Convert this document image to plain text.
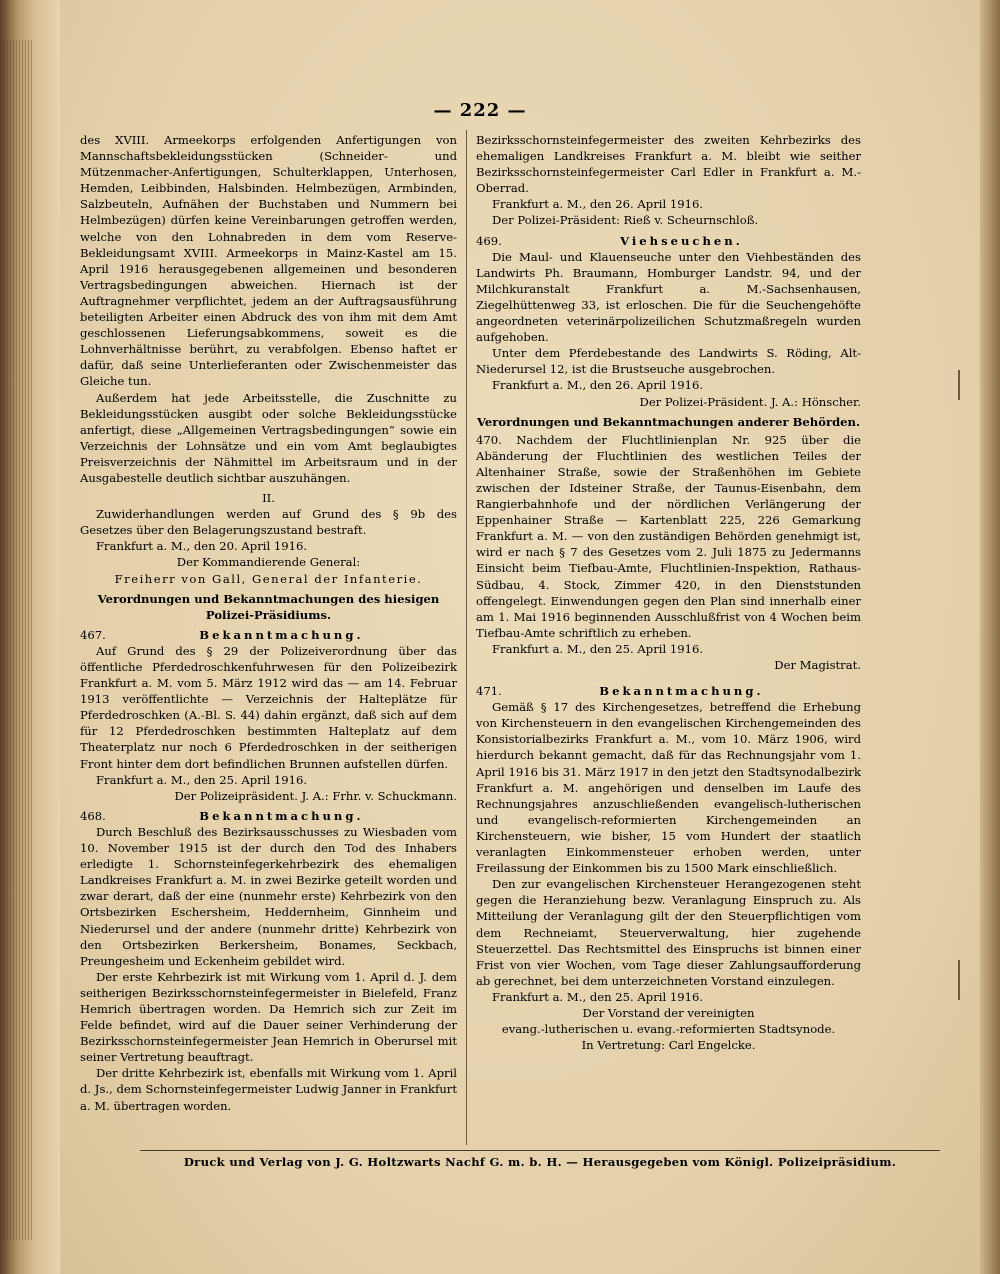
— 222 —

des XVIII. Armeekorps erfolgenden Anfertigungen von Mannschaftsbekleidungsstücken (Schneider- und Mützenmacher-Anfertigungen, Schulterklappen, Unterhosen, Hemden, Leibbinden, Halsbinden. Helmbezügen, Armbinden, Salzbeuteln, Aufnähen der Buchstaben und Nummern bei Helmbezügen) dürfen keine Vereinbarungen getroffen werden, welche von den Lohnabreden in dem vom Reserve-Bekleidungsamt XVIII. Armeekorps in Mainz-Kastel am 15. April 1916 herausgegebenen allgemeinen und besonderen Vertragsbedingungen abweichen. Hiernach ist der Auftragnehmer verpflichtet, jedem an der Auftragsausführung beteiligten Arbeiter einen Abdruck des von ihm mit dem Amt geschlossenen Lieferungsabkommens, soweit es die Lohnverhältnisse berührt, zu verabfolgen. Ebenso haftet er dafür, daß seine Unterlieferanten oder Zwischenmeister das Gleiche tun.

Außerdem hat jede Arbeitsstelle, die Zuschnitte zu Bekleidungsstücken ausgibt oder solche Bekleidungsstücke anfertigt, diese „Allgemeinen Vertragsbedingungen“ sowie ein Verzeichnis der Lohnsätze und ein vom Amt beglaubigtes Preisverzeichnis der Nähmittel im Arbeitsraum und in der Ausgabestelle deutlich sichtbar auszuhängen.

II.

Zuwiderhandlungen werden auf Grund des § 9b des Gesetzes über den Belagerungszustand bestraft.

Frankfurt a. M., den 20. April 1916.

Der Kommandierende General:

Freiherr von Gall, General der Infanterie.

Verordnungen und Bekanntmachungen des hiesigen Polizei-Präsidiums.

467.	Bekanntmachung.

Auf Grund des § 29 der Polizeiverordnung über das öffentliche Pferdedroschkenfuhrwesen für den Polizeibezirk Frankfurt a. M. vom 5. März 1912 wird das — am 14. Februar 1913 veröffentlichte — Verzeichnis der Halteplätze für Pferdedroschken (A.-Bl. S. 44) dahin ergänzt, daß sich auf dem für 12 Pferdedroschken bestimmten Halteplatz auf dem Theaterplatz nur noch 6 Pferdedroschken in der seitherigen Front hinter dem dort befindlichen Brunnen aufstellen dürfen.

Frankfurt a. M., den 25. April 1916.

Der Polizeipräsident. J. A.: Frhr. v. Schuckmann.

468.	Bekanntmachung.

Durch Beschluß des Bezirksausschusses zu Wiesbaden vom 10. November 1915 ist der durch den Tod des Inhabers erledigte 1. Schornsteinfegerkehrbezirk des ehemaligen Landkreises Frankfurt a. M. in zwei Bezirke geteilt worden und zwar derart, daß der eine (nunmehr erste) Kehrbezirk von den Ortsbezirken Eschersheim, Heddernheim, Ginnheim und Niederursel und der andere (nunmehr dritte) Kehrbezirk von den Ortsbezirken Berkersheim, Bonames, Seckbach, Preungesheim und Eckenheim gebildet wird.

Der erste Kehrbezirk ist mit Wirkung vom 1. April d. J. dem seitherigen Bezirksschornsteinfegermeister in Bielefeld, Franz Hemrich übertragen worden. Da Hemrich sich zur Zeit im Felde befindet, wird auf die Dauer seiner Verhinderung der Bezirksschornsteinfegermeister Jean Hemrich in Oberursel mit seiner Vertretung beauftragt.

Der dritte Kehrbezirk ist, ebenfalls mit Wirkung vom 1. April d. Js., dem Schornsteinfegermeister Ludwig Janner in Frankfurt a. M. übertragen worden.

Bezirksschornsteinfegermeister des zweiten Kehrbezirks des ehemaligen Landkreises Frankfurt a. M. bleibt wie seither Bezirksschornsteinfegermeister Carl Edler in Frankfurt a. M.-Oberrad.

Frankfurt a. M., den 26. April 1916.

Der Polizei-Präsident: Rieß v. Scheurnschloß.

469.	Viehseuchen.

Die Maul- und Klauenseuche unter den Viehbeständen des Landwirts Ph. Braumann, Homburger Landstr. 94, und der Milchkuranstalt Frankfurt a. M.-Sachsenhausen, Ziegelhüttenweg 33, ist erloschen. Die für die Seuchengehöfte angeordneten veterinärpolizeilichen Schutzmaßregeln wurden aufgehoben.

Unter dem Pferdebestande des Landwirts S. Röding, Alt-Niederursel 12, ist die Brustseuche ausgebrochen.

Frankfurt a. M., den 26. April 1916.

Der Polizei-Präsident. J. A.: Hönscher.

Verordnungen und Bekanntmachungen anderer Behörden.

470. Nachdem der Fluchtlinienplan Nr. 925 über die Abänderung der Fluchtlinien des westlichen Teiles der Altenhainer Straße, sowie der Straßenhöhen im Gebiete zwischen der Idsteiner Straße, der Taunus-Eisenbahn, dem Rangierbahnhofe und der nördlichen Verlängerung der Eppenhainer Straße — Kartenblatt 225, 226 Gemarkung Frankfurt a. M. — von den zuständigen Behörden genehmigt ist, wird er nach § 7 des Gesetzes vom 2. Juli 1875 zu Jedermanns Einsicht beim Tiefbau-Amte, Fluchtlinien-Inspektion, Rathaus-Südbau, 4. Stock, Zimmer 420, in den Dienststunden offengelegt. Einwendungen gegen den Plan sind innerhalb einer am 1. Mai 1916 beginnenden Ausschlußfrist von 4 Wochen beim Tiefbau-Amte schriftlich zu erheben.

Frankfurt a. M., den 25. April 1916.

Der Magistrat.

471.	Bekanntmachung.

Gemäß § 17 des Kirchengesetzes, betreffend die Erhebung von Kirchensteuern in den evangelischen Kirchengemeinden des Konsistorialbezirks Frankfurt a. M., vom 10. März 1906, wird hierdurch bekannt gemacht, daß für das Rechnungsjahr vom 1. April 1916 bis 31. März 1917 in den jetzt den Stadtsynodalbezirk Frankfurt a. M. angehörigen und denselben im Laufe des Rechnungsjahres anzuschließenden evangelisch-lutherischen und evangelisch-reformierten Kirchengemeinden an Kirchensteuern, wie bisher, 15 vom Hundert der staatlich veranlagten Einkommensteuer erhoben werden, unter Freilassung der Einkommen bis zu 1500 Mark einschließlich.

Den zur evangelischen Kirchensteuer Herangezogenen steht gegen die Heranziehung bezw. Veranlagung Einspruch zu. Als Mitteilung der Veranlagung gilt der den Steuerpflichtigen vom dem Rechneiamt, Steuerverwaltung, hier zugehende Steuerzettel. Das Rechtsmittel des Einspruchs ist binnen einer Frist von vier Wochen, vom Tage dieser Zahlungsaufforderung ab gerechnet, bei dem unterzeichneten Vorstand einzulegen.

Frankfurt a. M., den 25. April 1916.

Der Vorstand der vereinigten

evang.-lutherischen u. evang.-reformierten Stadtsynode.

In Vertretung: Carl Engelcke.

Druck und Verlag von J. G. Holtzwarts Nachf G. m. b. H. — Herausgegeben vom Königl. Polizeipräsidium.
